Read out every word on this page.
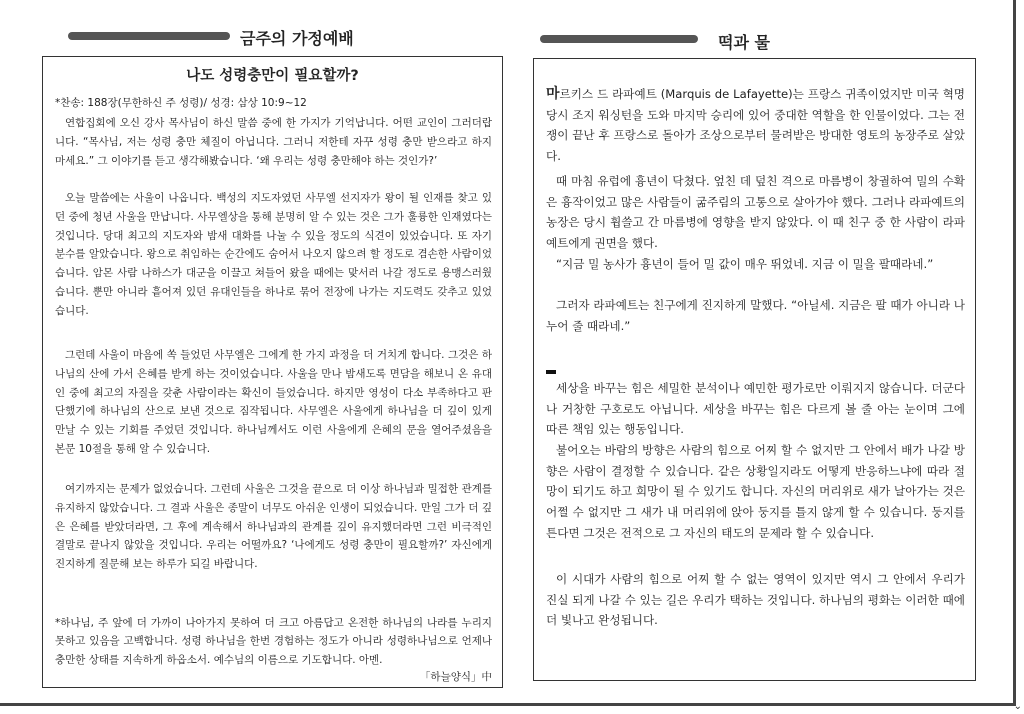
금주의 가정예배
나도 성령충만이 필요할까?
*찬송: 188장(무한하신 주 성령)/ 성경: 삼상 10:9~12
연합집회에 오신 강사 목사님이 하신 말씀 중에 한 가지가 기억납니다. 어떤 교인이 그러더랍니다. “목사님, 저는 성령 충만 체질이 아닙니다. 그러니 저한테 자꾸 성령 충만 받으라고 하지 마세요.” 그 이야기를 듣고 생각해봤습니다. ‘왜 우리는 성령 충만해야 하는 것인가?’
오늘 말씀에는 사울이 나옵니다. 백성의 지도자였던 사무엘 선지자가 왕이 될 인재를 찾고 있던 중에 청년 사울을 만납니다. 사무엘상을 통해 분명히 알 수 있는 것은 그가 훌륭한 인재였다는 것입니다. 당대 최고의 지도자와 밤새 대화를 나눌 수 있을 정도의 식견이 있었습니다. 또 자기 분수를 알았습니다. 왕으로 취임하는 순간에도 숨어서 나오지 않으려 할 정도로 겸손한 사람이었습니다. 암몬 사람 나하스가 대군을 이끌고 쳐들어 왔을 때에는 맞서러 나갈 정도로 용맹스러웠습니다. 뿐만 아니라 흩어져 있던 유대인들을 하나로 묶어 전장에 나가는 지도력도 갖추고 있었습니다.
그런데 사울이 마음에 쏙 들었던 사무엘은 그에게 한 가지 과정을 더 거치게 합니다. 그것은 하나님의 산에 가서 은혜를 받게 하는 것이었습니다. 사울을 만나 밤새도록 면담을 해보니 온 유대인 중에 최고의 자질을 갖춘 사람이라는 확신이 들었습니다. 하지만 영성이 다소 부족하다고 판단했기에 하나님의 산으로 보낸 것으로 짐작됩니다. 사무엘은 사울에게 하나님을 더 깊이 있게 만날 수 있는 기회를 주었던 것입니다. 하나님께서도 이런 사울에게 은혜의 문을 열어주셨음을 본문 10절을 통해 알 수 있습니다.
여기까지는 문제가 없었습니다. 그런데 사울은 그것을 끝으로 더 이상 하나님과 밀접한 관계를 유지하지 않았습니다. 그 결과 사울은 종말이 너무도 아쉬운 인생이 되었습니다. 만일 그가 더 깊은 은혜를 받았더라면, 그 후에 계속해서 하나님과의 관계를 깊이 유지했더라면 그런 비극적인 결말로 끝나지 않았을 것입니다. 우리는 어떨까요? ‘나에게도 성령 충만이 필요할까?’ 자신에게 진지하게 질문해 보는 하루가 되길 바랍니다.
*하나님, 주 앞에 더 가까이 나아가지 못하여 더 크고 아름답고 온전한 하나님의 나라를 누리지 못하고 있음을 고백합니다. 성령 하나님을 한번 경험하는 정도가 아니라 성령하나님으로 언제나 충만한 상태를 지속하게 하옵소서. 예수님의 이름으로 기도합니다. 아멘.
「하늘양식」中
떡과 물
마르키스 드 라파예트 (Marquis de Lafayette)는 프랑스 귀족이었지만 미국 혁명 당시 조지 워싱턴을 도와 마지막 승리에 있어 중대한 역할을 한 인물이었다. 그는 전쟁이 끝난 후 프랑스로 돌아가 조상으로부터 물려받은 방대한 영토의 농장주로 살았다.
때 마침 유럽에 흉년이 닥쳤다. 엎친 데 덮친 격으로 마름병이 창궐하여 밀의 수확은 흉작이었고 많은 사람들이 굶주림의 고통으로 살아가야 했다. 그러나 라파예트의 농장은 당시 휩쓸고 간 마름병에 영향을 받지 않았다. 이 때 친구 중 한 사람이 라파예트에게 권면을 했다.
“지금 밀 농사가 흉년이 들어 밀 값이 매우 뛰었네. 지금 이 밀을 팔때라네.”
그러자 라파예트는 친구에게 진지하게 말했다. “아닐세. 지금은 팔 때가 아니라 나누어 줄 때라네.”
세상을 바꾸는 힘은 세밀한 분석이나 예민한 평가로만 이뤄지지 않습니다. 더군다나 거창한 구호로도 아닙니다. 세상을 바꾸는 힘은 다르게 볼 줄 아는 눈이며 그에 따른 책임 있는 행동입니다.
불어오는 바람의 방향은 사람의 힘으로 어찌 할 수 없지만 그 안에서 배가 나갈 방향은 사람이 결정할 수 있습니다. 같은 상황일지라도 어떻게 반응하느냐에 따라 절망이 되기도 하고 희망이 될 수 있기도 합니다. 자신의 머리위로 새가 날아가는 것은 어쩔 수 없지만 그 새가 내 머리위에 앉아 둥지를 틀지 않게 할 수 있습니다. 둥지를 튼다면 그것은 전적으로 그 자신의 태도의 문제라 할 수 있습니다.
이 시대가 사람의 힘으로 어찌 할 수 없는 영역이 있지만 역시 그 안에서 우리가 진실 되게 나갈 수 있는 길은 우리가 택하는 것입니다. 하나님의 평화는 이러한 때에 더 빛나고 완성됩니다.
⌄
